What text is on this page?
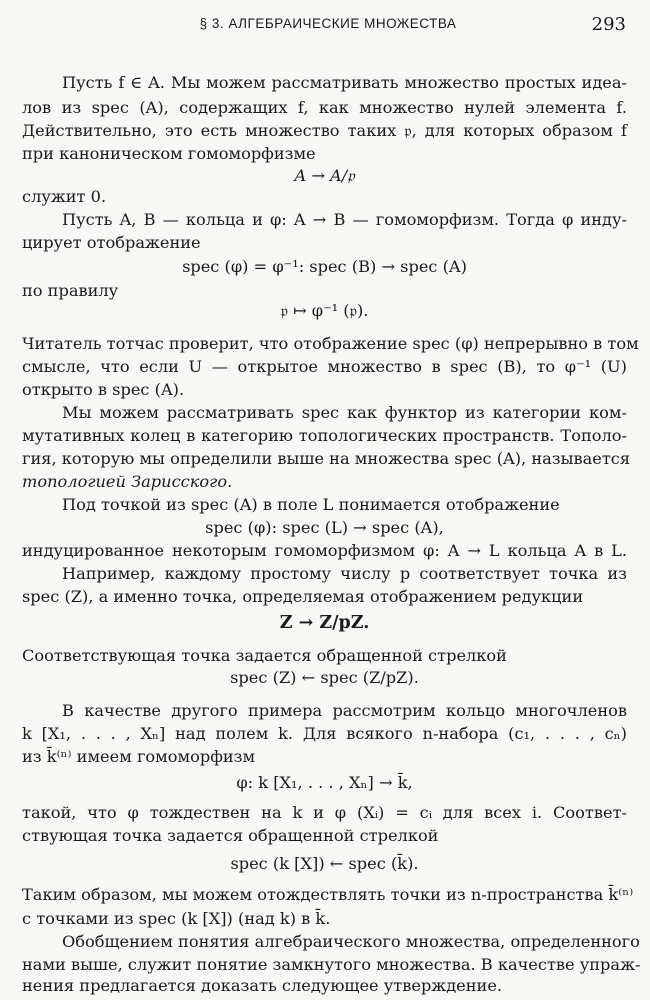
§ 3. АЛГЕБРАИЧЕСКИЕ МНОЖЕСТВА	293
Пусть f ∈ A. Мы можем рассматривать множество простых идеа-
лов из spec (A), содержащих f, как множество нулей элемента f.
Действительно, это есть множество таких 𝔭, для которых образом f
при каноническом гомоморфизме
A → A/𝔭
служит 0.
Пусть A, B — кольца и φ: A → B — гомоморфизм. Тогда φ инду-
цирует отображение
spec (φ) = φ⁻¹: spec (B) → spec (A)
по правилу
𝔭 ↦ φ⁻¹ (𝔭).
Читатель тотчас проверит, что отображение spec (φ) непрерывно в том
смысле, что если U — открытое множество в spec (B), то φ⁻¹ (U)
открыто в spec (A).
Мы можем рассматривать spec как функтор из категории ком-
мутативных колец в категорию топологических пространств. Тополо-
гия, которую мы определили выше на множества spec (A), называется
топологией Зарисского.
Под точкой из spec (A) в поле L понимается отображение
spec (φ): spec (L) → spec (A),
индуцированное некоторым гомоморфизмом φ: A → L кольца A в L.
Например, каждому простому числу p соответствует точка из
spec (Z), а именно точка, определяемая отображением редукции
Z → Z/pZ.
Соответствующая точка задается обращенной стрелкой
spec (Z) ← spec (Z/pZ).
В качестве другого примера рассмотрим кольцо многочленов
k [X₁, . . . , Xₙ] над полем k. Для всякого n-набора (c₁, . . . , cₙ)
из k̄⁽ⁿ⁾ имеем гомоморфизм
φ: k [X₁, . . . , Xₙ] → k̄,
такой, что φ тождествен на k и φ (Xᵢ) = cᵢ для всех i. Соответ-
ствующая точка задается обращенной стрелкой
spec (k [X]) ← spec (k̄).
Таким образом, мы можем отождествлять точки из n-пространства k̄⁽ⁿ⁾
с точками из spec (k [X]) (над k) в k̄.
Обобщением понятия алгебраического множества, определенного
нами выше, служит понятие замкнутого множества. В качестве упраж-
нения предлагается доказать следующее утверждение.
